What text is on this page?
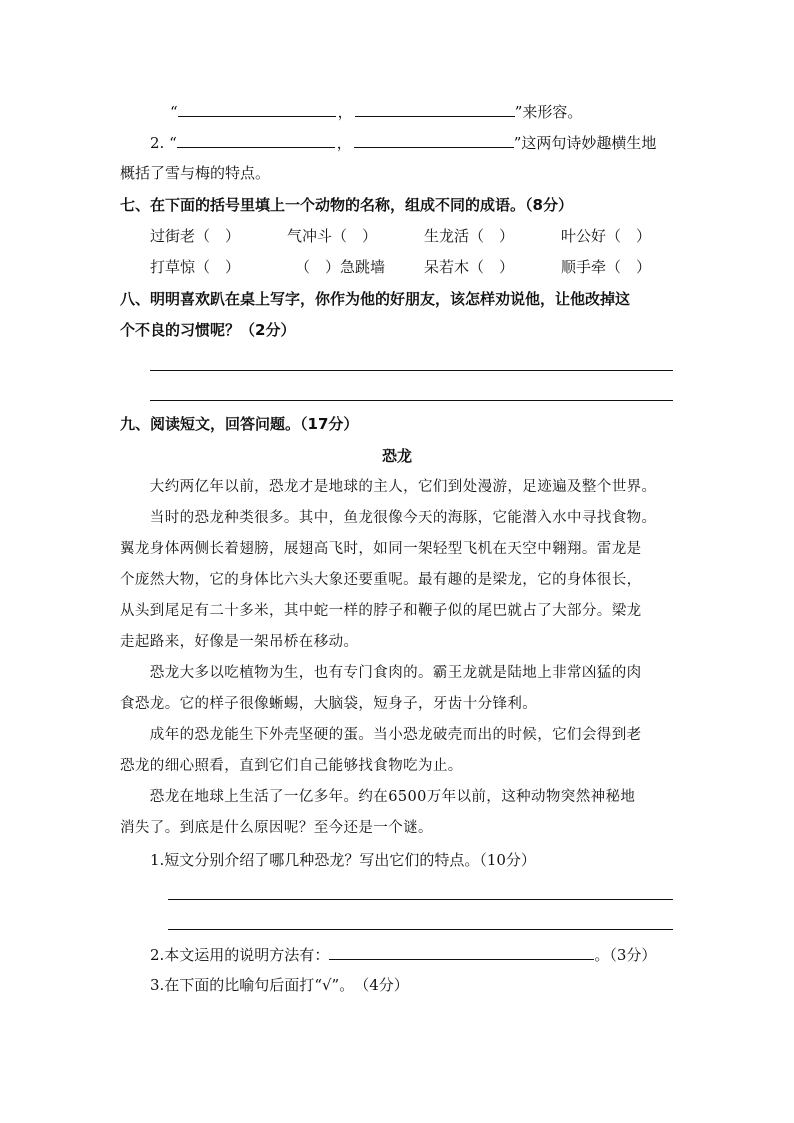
“	，	”来形容。
2. “	，	”这两句诗妙趣横生地
概括了雪与梅的特点。
七、在下面的括号里填上一个动物的名称，组成不同的成语。（8分）
过街老（　）	气冲斗（　）	生龙活（　）	叶公好（　）
打草惊（　）	（　）急跳墙	呆若木（　）	顺手牵（　）
八、明明喜欢趴在桌上写字，你作为他的好朋友，该怎样劝说他，让他改掉这
个不良的习惯呢？（2分）
九、阅读短文，回答问题。（17分）
恐龙
　　大约两亿年以前，恐龙才是地球的主人，它们到处漫游，足迹遍及整个世界。
　　当时的恐龙种类很多。其中，鱼龙很像今天的海豚，它能潜入水中寻找食物。
翼龙身体两侧长着翅膀，展翅高飞时，如同一架轻型飞机在天空中翱翔。雷龙是
个庞然大物，它的身体比六头大象还要重呢。最有趣的是梁龙，它的身体很长，
从头到尾足有二十多米，其中蛇一样的脖子和鞭子似的尾巴就占了大部分。梁龙
走起路来，好像是一架吊桥在移动。
　　恐龙大多以吃植物为生，也有专门食肉的。霸王龙就是陆地上非常凶猛的肉
食恐龙。它的样子很像蜥蜴，大脑袋，短身子，牙齿十分锋利。
　　成年的恐龙能生下外壳坚硬的蛋。当小恐龙破壳而出的时候，它们会得到老
恐龙的细心照看，直到它们自己能够找食物吃为止。
　　恐龙在地球上生活了一亿多年。约在6500万年以前，这种动物突然神秘地
消失了。到底是什么原因呢？至今还是一个谜。
1.短文分别介绍了哪几种恐龙？写出它们的特点。（10分）
2.本文运用的说明方法有：	。（3分）
3.在下面的比喻句后面打“√”。　（4分）
